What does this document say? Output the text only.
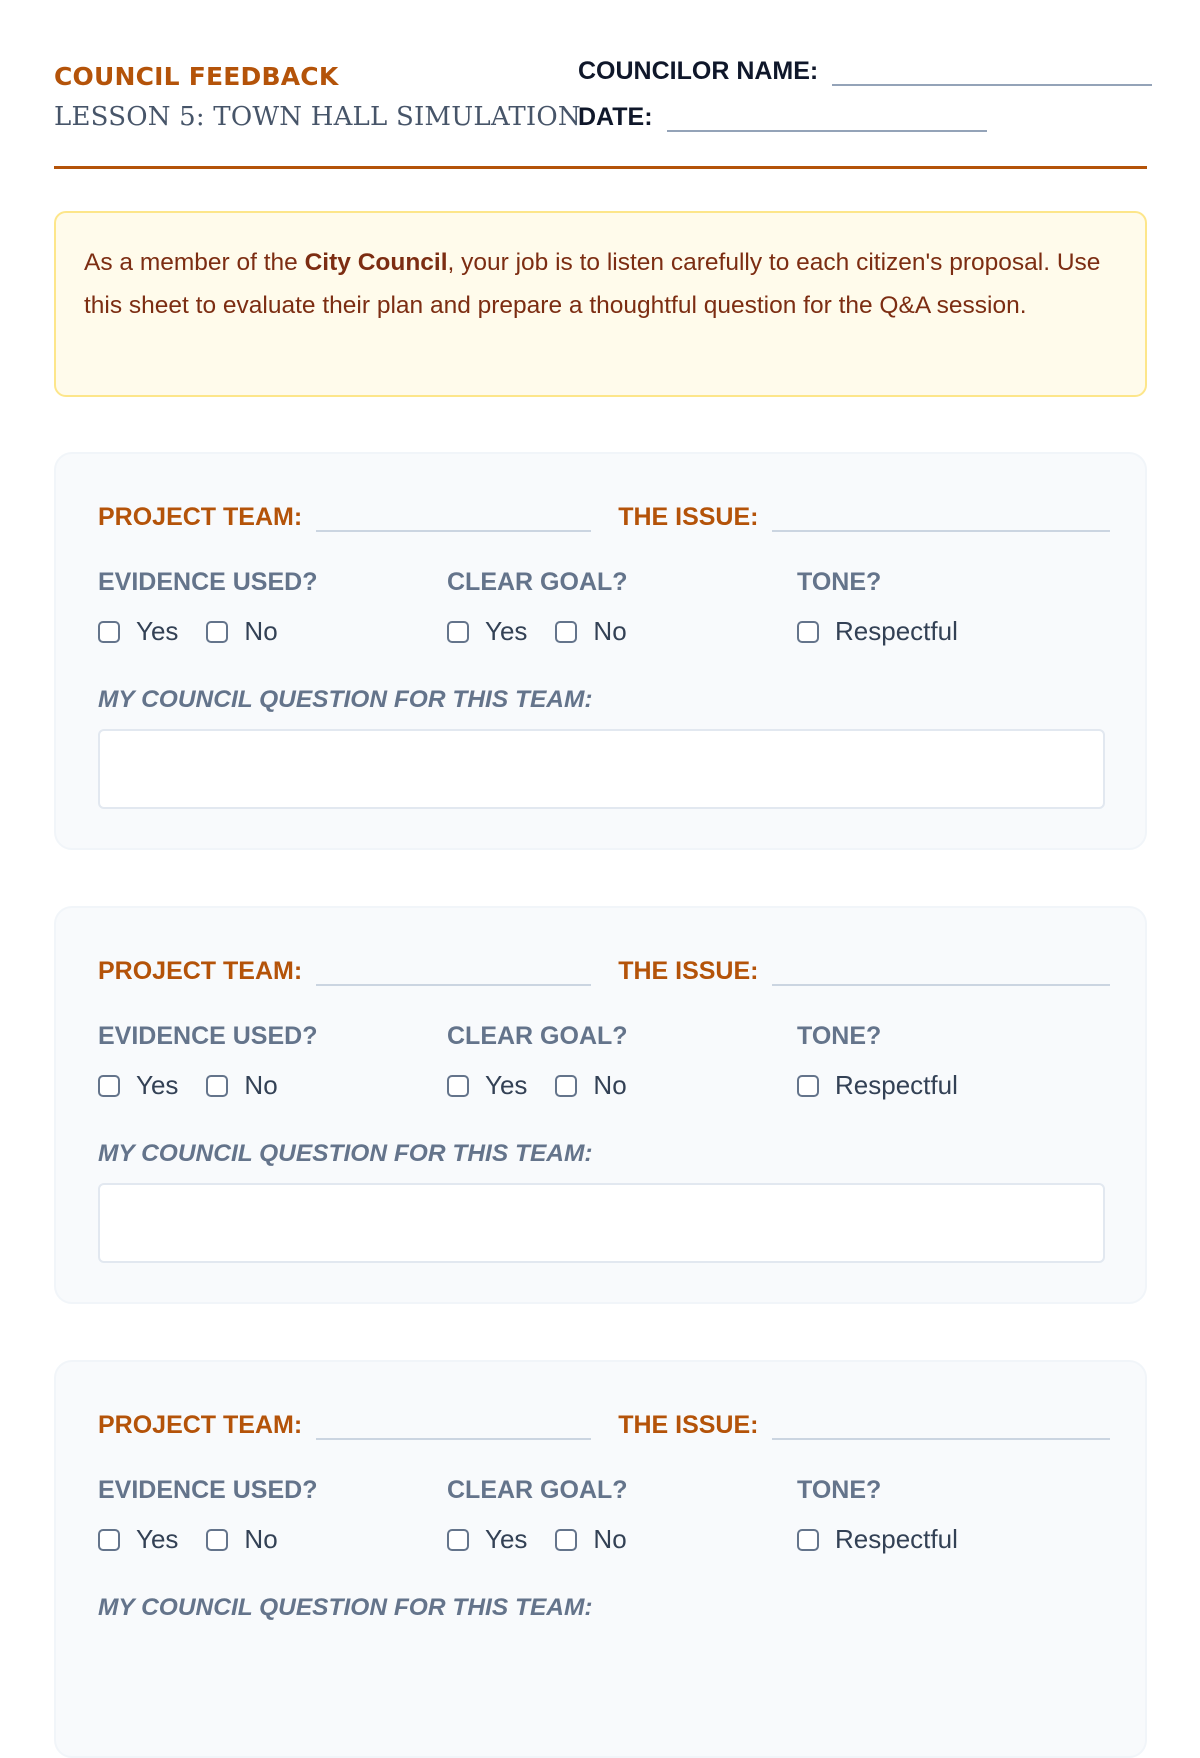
COUNCIL FEEDBACK
LESSON 5: TOWN HALL SIMULATION
COUNCILOR NAME:
DATE:
As a member of the City Council, your job is to listen carefully to each citizen's proposal. Use this sheet to evaluate their plan and prepare a thoughtful question for the Q&A session.
PROJECT TEAM:	THE ISSUE:
EVIDENCE USED?	CLEAR GOAL?	TONE?
Yes	No	Yes	No	Respectful
MY COUNCIL QUESTION FOR THIS TEAM:
PROJECT TEAM:	THE ISSUE:
EVIDENCE USED?	CLEAR GOAL?	TONE?
Yes	No	Yes	No	Respectful
MY COUNCIL QUESTION FOR THIS TEAM:
PROJECT TEAM:	THE ISSUE:
EVIDENCE USED?	CLEAR GOAL?	TONE?
Yes	No	Yes	No	Respectful
MY COUNCIL QUESTION FOR THIS TEAM:
